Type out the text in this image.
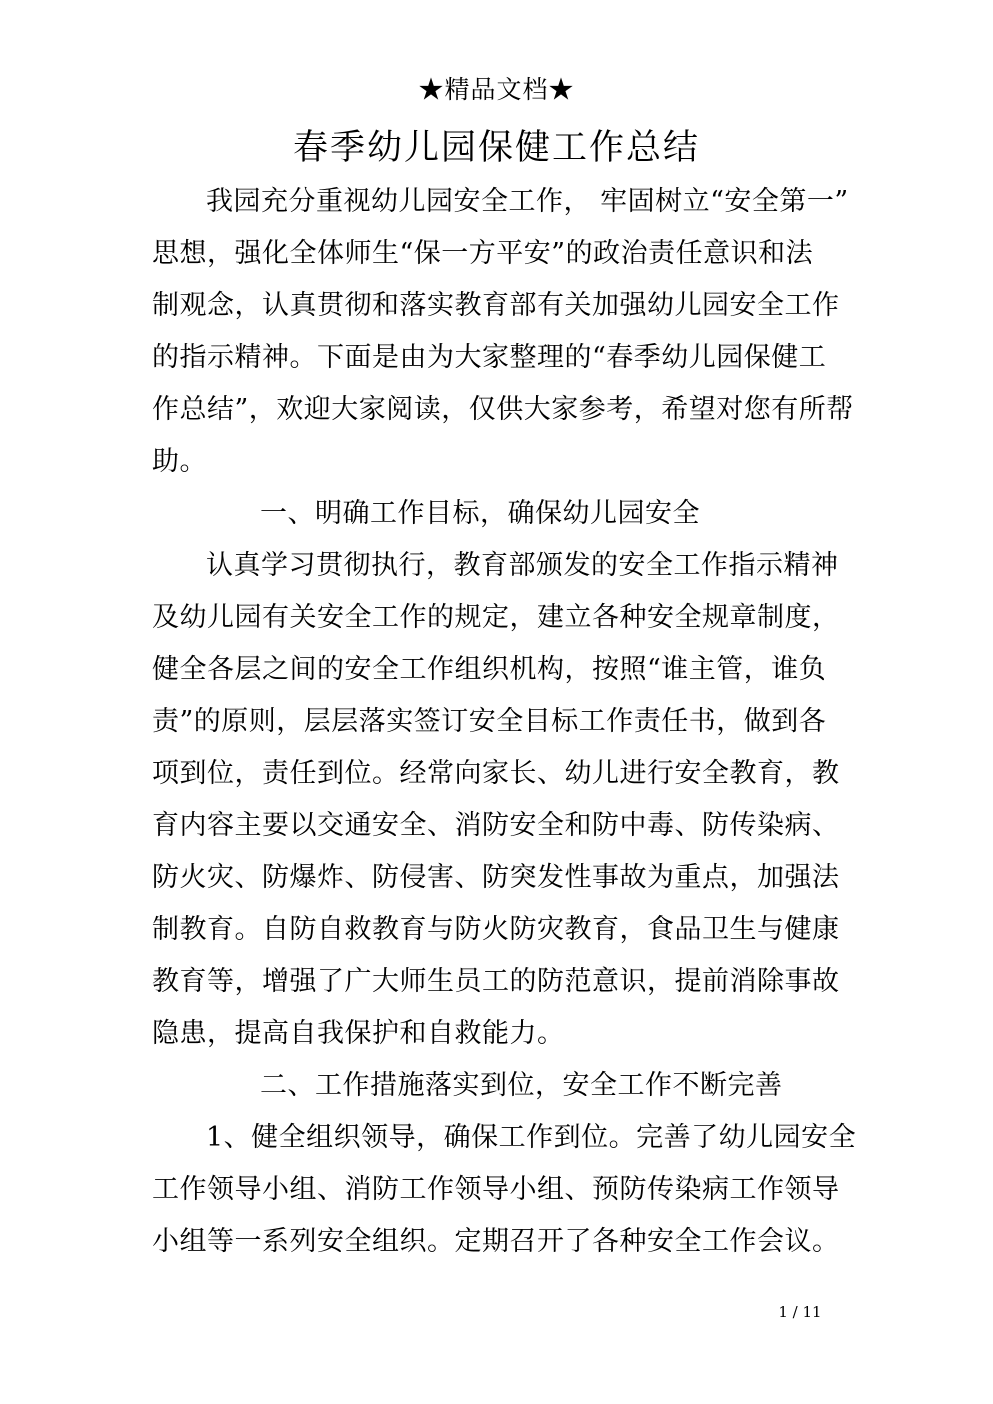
★精品文档★
春季幼儿园保健工作总结
我园充分重视幼儿园安全工作， 牢固树立“安全第一”
思想，强化全体师生“保一方平安”的政治责任意识和法
制观念，认真贯彻和落实教育部有关加强幼儿园安全工作
的指示精神。下面是由为大家整理的“春季幼儿园保健工
作总结”，欢迎大家阅读，仅供大家参考，希望对您有所帮
助。
一、明确工作目标，确保幼儿园安全
认真学习贯彻执行，教育部颁发的安全工作指示精神
及幼儿园有关安全工作的规定，建立各种安全规章制度，
健全各层之间的安全工作组织机构，按照“谁主管，谁负
责”的原则，层层落实签订安全目标工作责任书，做到各
项到位，责任到位。经常向家长、幼儿进行安全教育，教
育内容主要以交通安全、消防安全和防中毒、防传染病、
防火灾、防爆炸、防侵害、防突发性事故为重点，加强法
制教育。自防自救教育与防火防灾教育，食品卫生与健康
教育等，增强了广大师生员工的防范意识，提前消除事故
隐患，提高自我保护和自救能力。
二、工作措施落实到位，安全工作不断完善
1、健全组织领导，确保工作到位。完善了幼儿园安全
工作领导小组、消防工作领导小组、预防传染病工作领导
小组等一系列安全组织。定期召开了各种安全工作会议。
1 / 11
